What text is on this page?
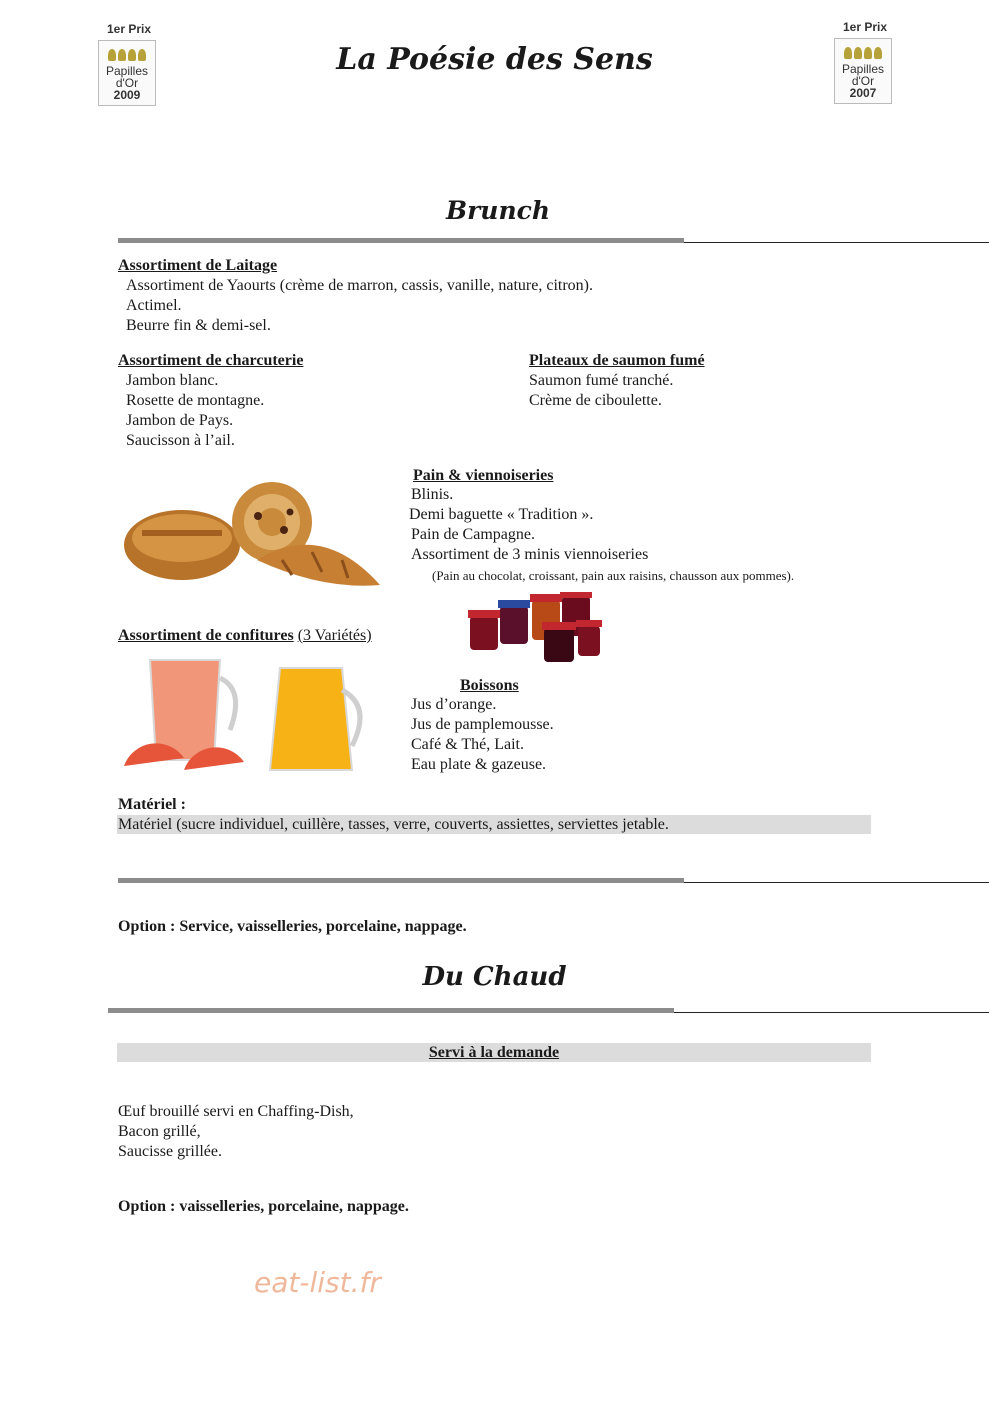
1er Prix
Papilles
d'Or
2009
1er Prix
Papilles
d'Or
2007
La Poésie des Sens
Brunch
Assortiment de Laitage
Assortiment de Yaourts (crème de marron, cassis, vanille, nature, citron).
Actimel.
Beurre fin & demi-sel.
Assortiment de charcuterie
Jambon blanc.
Rosette de montagne.
Jambon de Pays.
Saucisson à l’ail.
Plateaux de saumon fumé
Saumon fumé tranché.
Crème de ciboulette.
Pain & viennoiseries
Blinis.
Demi baguette « Tradition ».
Pain de Campagne.
Assortiment de 3 minis viennoiseries
(Pain au chocolat, croissant, pain aux raisins, chausson aux pommes).
Assortiment de confitures (3 Variétés)
Boissons
Jus d’orange.
Jus de pamplemousse.
Café & Thé, Lait.
Eau plate & gazeuse.
Matériel :
Matériel (sucre individuel, cuillère, tasses, verre, couverts, assiettes, serviettes jetable.
Option : Service, vaisselleries, porcelaine, nappage.
Du Chaud
Servi à la demande
Œuf brouillé servi en Chaffing-Dish,
Bacon grillé,
Saucisse grillée.
Option : vaisselleries, porcelaine, nappage.
eat-list.fr
